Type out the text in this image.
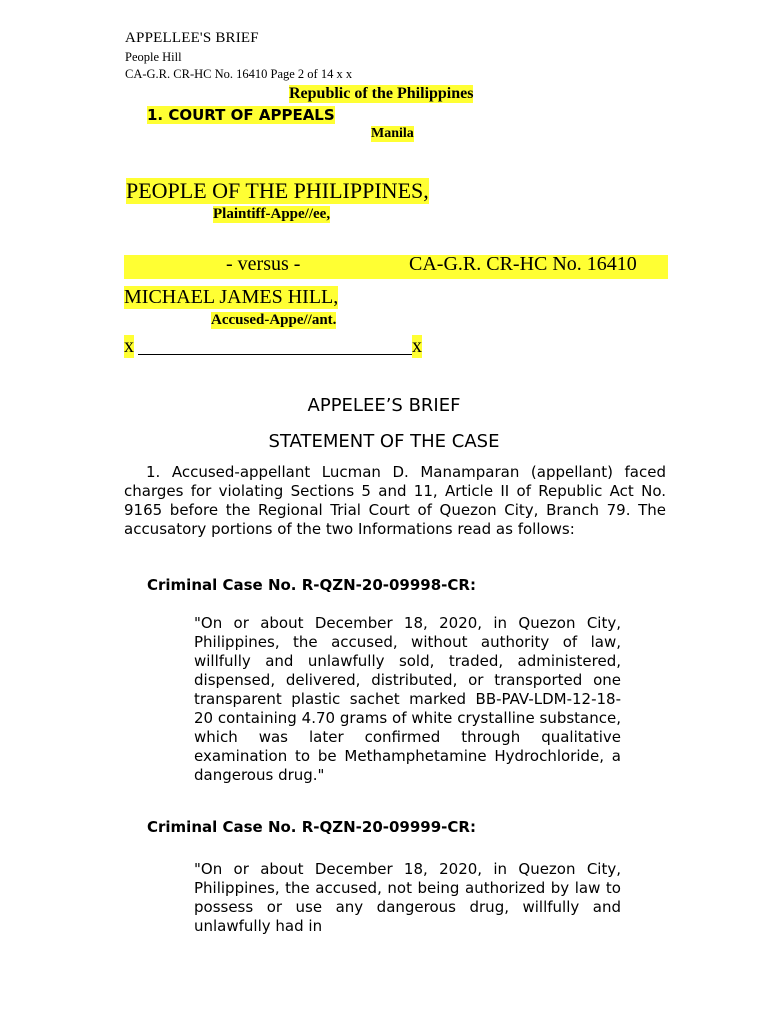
APPELLEE'S BRIEF
People Hill
CA-G.R. CR-HC No. 16410 Page 2 of 14 x x
Republic of the Philippines
1. COURT OF APPEALS
Manila
PEOPLE OF THE PHILIPPINES,
Plaintiff-Appe//ee,
- versus -	CA-G.R. CR-HC No. 16410
MICHAEL JAMES HILL,
Accused-Appe//ant.
x	x
APPELEE’S BRIEF
STATEMENT OF THE CASE
1. Accused-appellant Lucman D. Manamparan (appellant) faced charges for violating Sections 5 and 11, Article II of Republic Act No. 9165 before the Regional Trial Court of Quezon City, Branch 79. The accusatory portions of the two Informations read as follows:
Criminal Case No. R-QZN-20-09998-CR:
"On or about December 18, 2020, in Quezon City, Philippines, the accused, without authority of law, willfully and unlawfully sold, traded, administered, dispensed, delivered, distributed, or transported one transparent plastic sachet marked BB-PAV-LDM-12-18-20 containing 4.70 grams of white crystalline substance, which was later confirmed through qualitative examination to be Methamphetamine Hydrochloride, a dangerous drug."
Criminal Case No. R-QZN-20-09999-CR:
"On or about December 18, 2020, in Quezon City, Philippines, the accused, not being authorized by law to possess or use any dangerous drug, willfully and unlawfully had in
